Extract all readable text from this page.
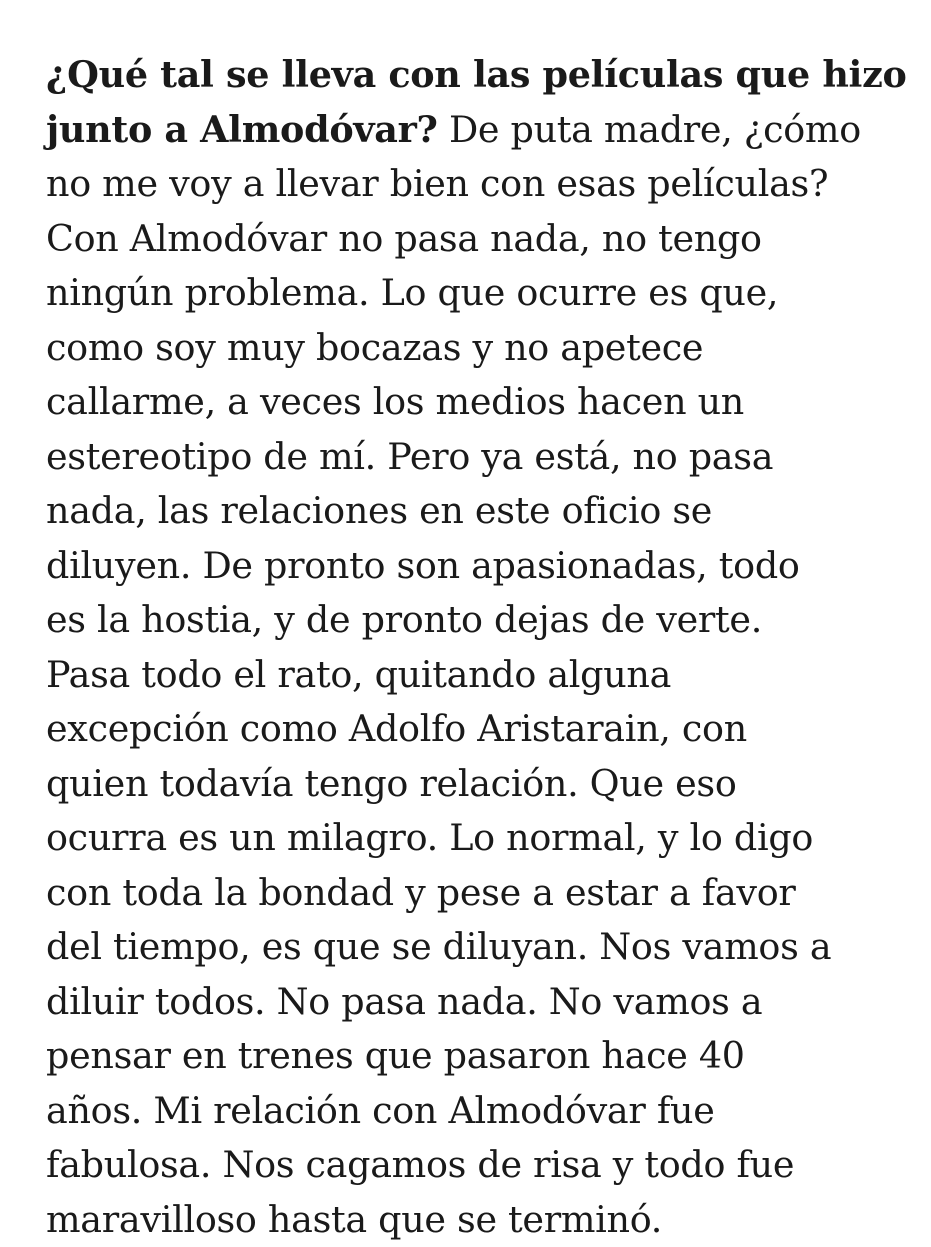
¿Qué tal se lleva con las películas que hizo
junto a Almodóvar? De puta madre, ¿cómo
no me voy a llevar bien con esas películas?
Con Almodóvar no pasa nada, no tengo
ningún problema. Lo que ocurre es que,
como soy muy bocazas y no apetece
callarme, a veces los medios hacen un
estereotipo de mí. Pero ya está, no pasa
nada, las relaciones en este oficio se
diluyen. De pronto son apasionadas, todo
es la hostia, y de pronto dejas de verte.
Pasa todo el rato, quitando alguna
excepción como Adolfo Aristarain, con
quien todavía tengo relación. Que eso
ocurra es un milagro. Lo normal, y lo digo
con toda la bondad y pese a estar a favor
del tiempo, es que se diluyan. Nos vamos a
diluir todos. No pasa nada. No vamos a
pensar en trenes que pasaron hace 40
años. Mi relación con Almodóvar fue
fabulosa. Nos cagamos de risa y todo fue
maravilloso hasta que se terminó.
